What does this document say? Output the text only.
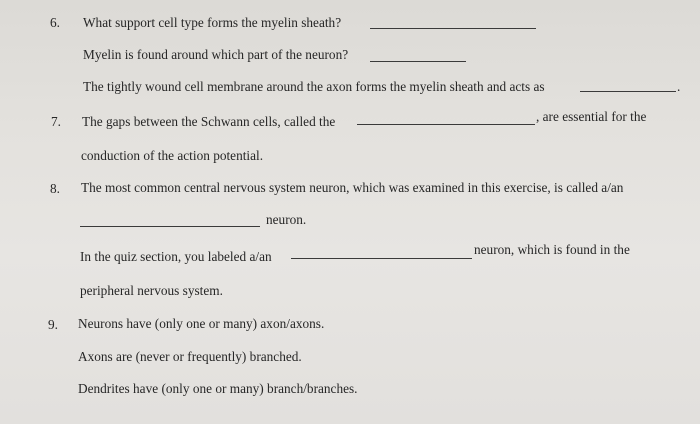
6. What support cell type forms the myelin sheath?
Myelin is found around which part of the neuron?
The tightly wound cell membrane around the axon forms the myelin sheath and acts as	.
7. The gaps between the Schwann cells, called the	, are essential for the
conduction of the action potential.
8. The most common central nervous system neuron, which was examined in this exercise, is called a/an
neuron.
In the quiz section, you labeled a/an	neuron, which is found in the
peripheral nervous system.
9. Neurons have (only one or many) axon/axons.
Axons are (never or frequently) branched.
Dendrites have (only one or many) branch/branches.
